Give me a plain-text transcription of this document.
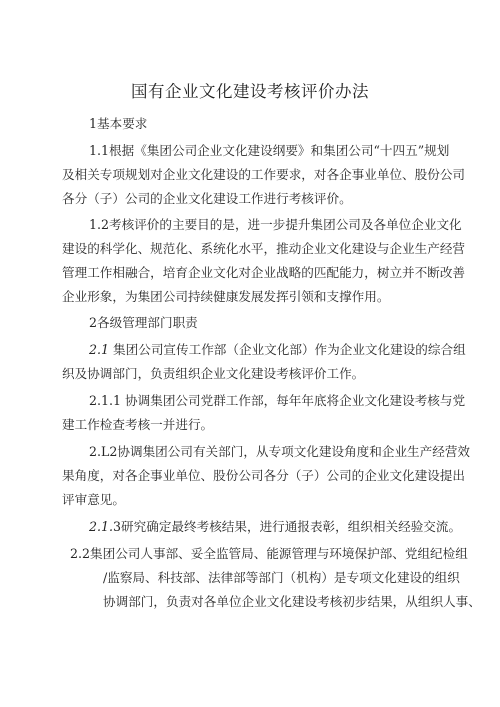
国有企业文化建设考核评价办法
1基本要求
1.1根据《集团公司企业文化建设纲要》和集团公司“十四五”规划
及相关专项规划对企业文化建设的工作要求，对各企事业单位、股份公司
各分（子）公司的企业文化建设工作进行考核评价。
1.2考核评价的主要目的是，进一步提升集团公司及各单位企业文化
建设的科学化、规范化、系统化水平，推动企业文化建设与企业生产经营
管理工作相融合，培育企业文化对企业战略的匹配能力，树立并不断改善
企业形象，为集团公司持续健康发展发挥引领和支撑作用。
2各级管理部门职责
2.1 集团公司宣传工作部（企业文化部）作为企业文化建设的综合组
织及协调部门，负责组织企业文化建设考核评价工作。
2.1.1 协调集团公司党群工作部，每年年底将企业文化建设考核与党
建工作检查考核一并进行。
2.L2协调集团公司有关部门，从专项文化建设角度和企业生产经营效
果角度，对各企事业单位、股份公司各分（子）公司的企业文化建设提出
评审意见。
2.1.3研究确定最终考核结果，进行通报表彰，组织相关经验交流。
2.2集团公司人事部、妥全监管局、能源管理与环境保护部、党组纪检组
/监察局、科技部、法律部等部门（机构）是专项文化建设的组织
协调部门，负责对各单位企业文化建设考核初步结果，从组织人事、
